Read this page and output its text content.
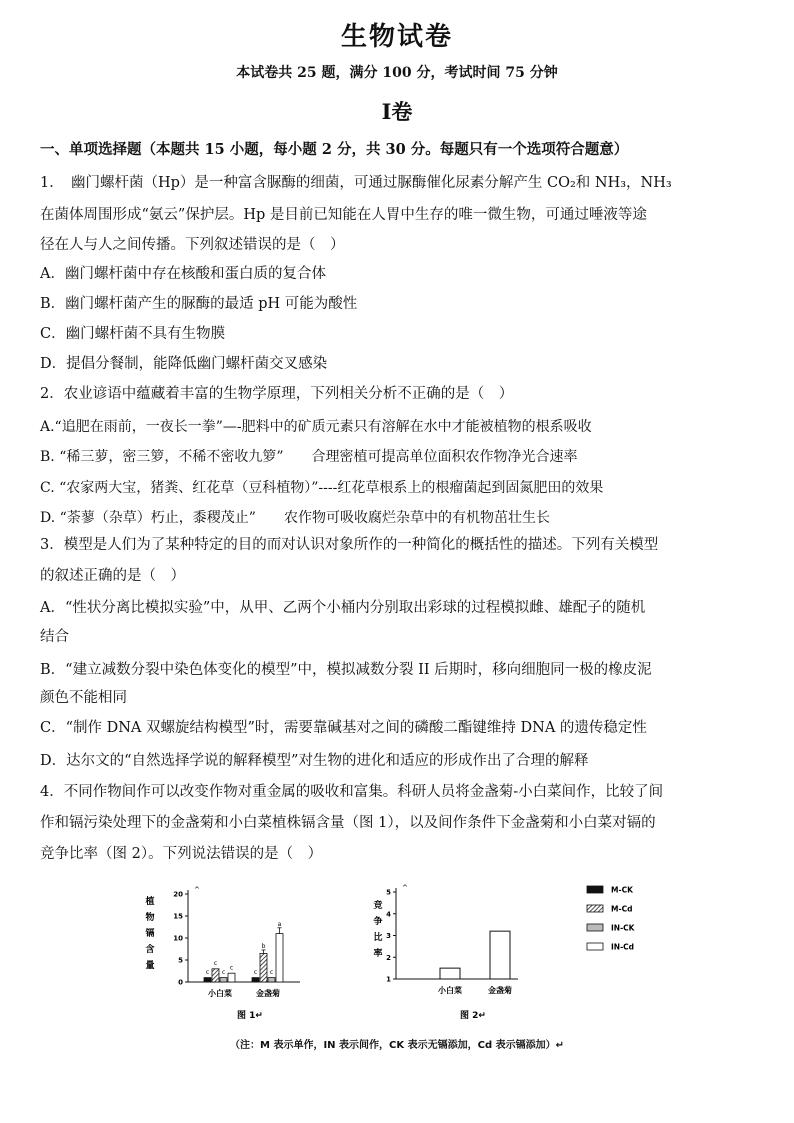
生物试卷
本试卷共 25 题，满分 100 分，考试时间 75 分钟
Ⅰ卷
一、单项选择题（本题共 15 小题，每小题 2 分，共 30 分。每题只有一个选项符合题意）
1．　幽门螺杆菌（Hp）是一种富含脲酶的细菌，可通过脲酶催化尿素分解产生 CO₂和 NH₃，NH₃
在菌体周围形成“氨云”保护层。Hp 是目前已知能在人胃中生存的唯一微生物，可通过唾液等途
径在人与人之间传播。下列叙述错误的是（　）
A．幽门螺杆菌中存在核酸和蛋白质的复合体
B．幽门螺杆菌产生的脲酶的最适 pH 可能为酸性
C．幽门螺杆菌不具有生物膜
D．提倡分餐制，能降低幽门螺杆菌交叉感染
2．农业谚语中蕴藏着丰富的生物学原理，下列相关分析不正确的是（　）
A.“追肥在雨前，一夜长一拳”—-肥料中的矿质元素只有溶解在水中才能被植物的根系吸收
B. “稀三萝，密三箩，不稀不密收九箩”　　合理密植可提高单位面积农作物净光合速率
C. “农家两大宝，猪粪、红花草（豆科植物）”----红花草根系上的根瘤菌起到固氮肥田的效果
D. “荼蓼（杂草）朽止，黍稷茂止”　　农作物可吸收腐烂杂草中的有机物茁壮生长
3．模型是人们为了某种特定的目的而对认识对象所作的一种简化的概括性的描述。下列有关模型
的叙述正确的是（　）
A．“性状分离比模拟实验”中，从甲、乙两个小桶内分别取出彩球的过程模拟雌、雄配子的随机
结合
B．“建立减数分裂中染色体变化的模型”中，模拟减数分裂 II 后期时，移向细胞同一极的橡皮泥
颜色不能相同
C．“制作 DNA 双螺旋结构模型”时，需要靠碱基对之间的磷酸二酯键维持 DNA 的遗传稳定性
D．达尔文的“自然选择学说的解释模型”对生物的进化和适应的形成作出了合理的解释
4．不同作物间作可以改变作物对重金属的吸收和富集。科研人员将金盏菊-小白菜间作，比较了间
作和镉污染处理下的金盏菊和小白菜植株镉含量（图 1），以及间作条件下金盏菊和小白菜对镉的
竞争比率（图 2）。下列说法错误的是（　）
植
物
镉
含
量
^
0
5
10
15
20
c
c
c
c
c
b
c
a
小白菜	金盏菊
图 1↵
竞
争
比
率
^
1
2
3
4
5
小白菜	金盏菊
图 2↵
M-CK
M-Cd
IN-CK
IN-Cd
（注：M 表示单作，IN 表示间作，CK 表示无镉添加，Cd 表示镉添加）↵
